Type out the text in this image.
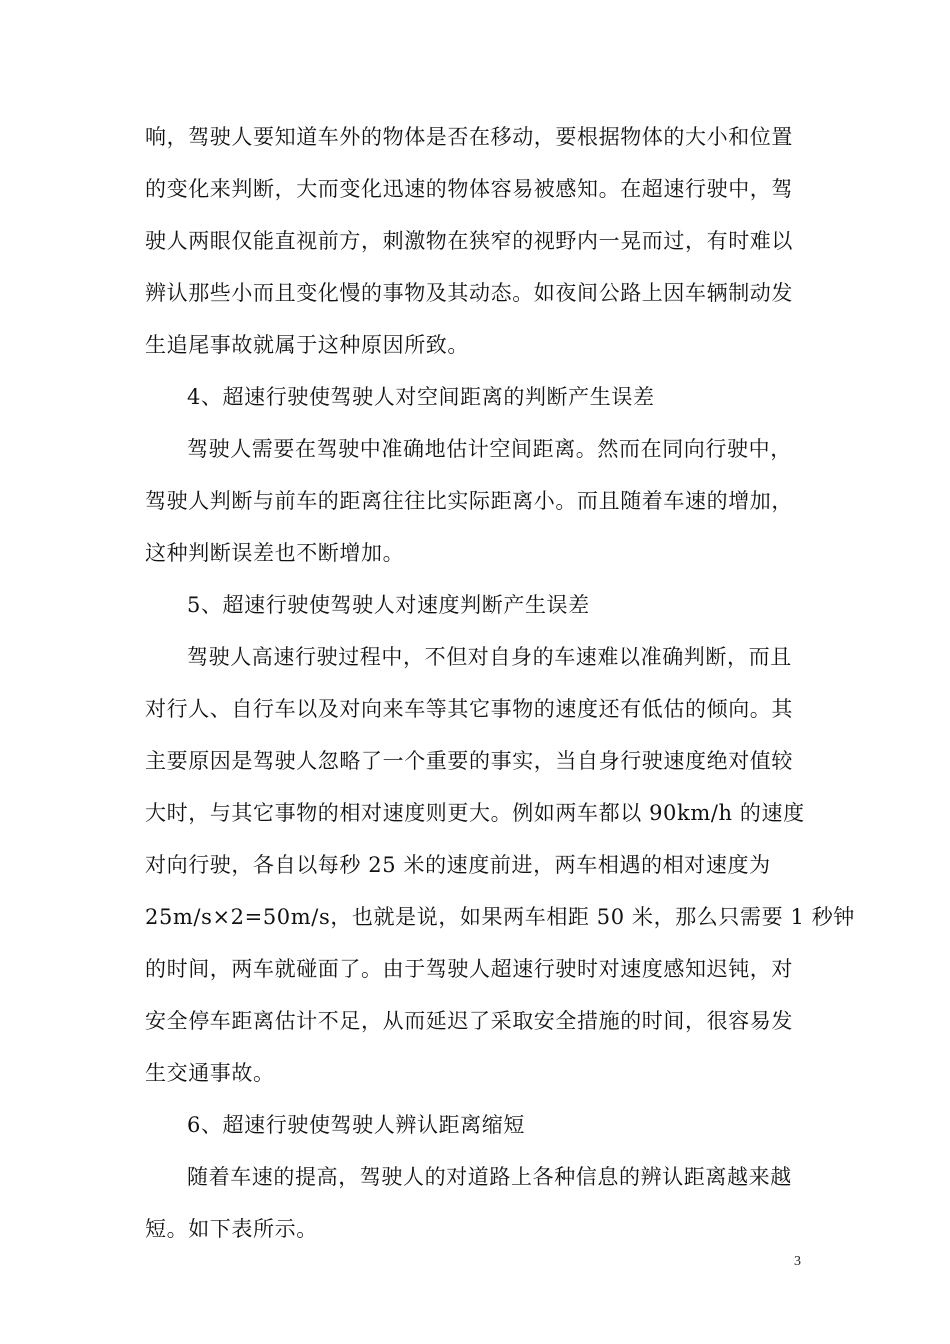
响，驾驶人要知道车外的物体是否在移动，要根据物体的大小和位置

的变化来判断，大而变化迅速的物体容易被感知。在超速行驶中，驾

驶人两眼仅能直视前方，刺激物在狭窄的视野内一晃而过，有时难以

辨认那些小而且变化慢的事物及其动态。如夜间公路上因车辆制动发

生追尾事故就属于这种原因所致。

4、超速行驶使驾驶人对空间距离的判断产生误差

驾驶人需要在驾驶中准确地估计空间距离。然而在同向行驶中，

驾驶人判断与前车的距离往往比实际距离小。而且随着车速的增加，

这种判断误差也不断增加。

5、超速行驶使驾驶人对速度判断产生误差

驾驶人高速行驶过程中，不但对自身的车速难以准确判断，而且

对行人、自行车以及对向来车等其它事物的速度还有低估的倾向。其

主要原因是驾驶人忽略了一个重要的事实，当自身行驶速度绝对值较

大时，与其它事物的相对速度则更大。例如两车都以 90km/h 的速度

对向行驶，各自以每秒 25 米的速度前进，两车相遇的相对速度为

25m/s×2=50m/s，也就是说，如果两车相距 50 米，那么只需要 1 秒钟

的时间，两车就碰面了。由于驾驶人超速行驶时对速度感知迟钝，对

安全停车距离估计不足，从而延迟了采取安全措施的时间，很容易发

生交通事故。

6、超速行驶使驾驶人辨认距离缩短

随着车速的提高，驾驶人的对道路上各种信息的辨认距离越来越

短。如下表所示。

3
